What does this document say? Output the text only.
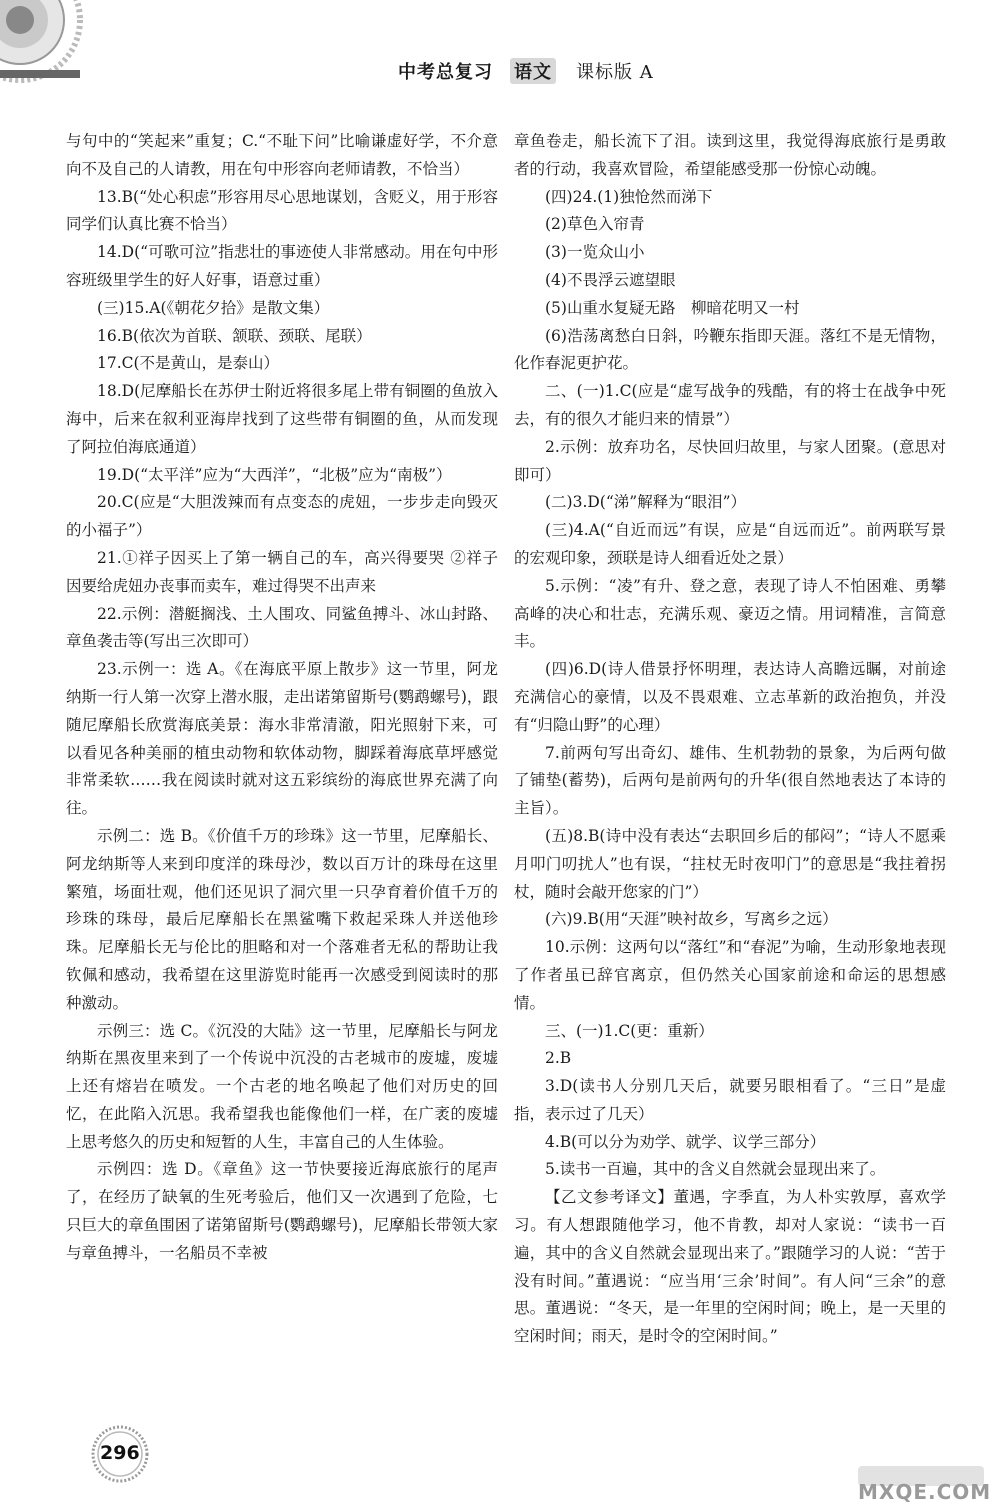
中考总复习 语文 课标版 A

与句中的“笑起来”重复；C.“不耻下问”比喻谦虚好学，不介意向不及自己的人请教，用在句中形容向老师请教，不恰当）

13.B(“处心积虑”形容用尽心思地谋划，含贬义，用于形容同学们认真比赛不恰当）

14.D(“可歌可泣”指悲壮的事迹使人非常感动。用在句中形容班级里学生的好人好事，语意过重）

(三)15.A(《朝花夕拾》是散文集）

16.B(依次为首联、颔联、颈联、尾联）

17.C(不是黄山，是泰山）

18.D(尼摩船长在苏伊士附近将很多尾上带有铜圈的鱼放入海中，后来在叙利亚海岸找到了这些带有铜圈的鱼，从而发现了阿拉伯海底通道）

19.D(“太平洋”应为“大西洋”，“北极”应为“南极”）

20.C(应是“大胆泼辣而有点变态的虎妞，一步步走向毁灭的小福子”）

21.①祥子因买上了第一辆自己的车，高兴得要哭 ②祥子因要给虎妞办丧事而卖车，难过得哭不出声来

22.示例：潜艇搁浅、土人围攻、同鲨鱼搏斗、冰山封路、章鱼袭击等(写出三次即可）

23.示例一：选 A。《在海底平原上散步》这一节里，阿龙纳斯一行人第一次穿上潜水服，走出诺第留斯号(鹦鹉螺号)，跟随尼摩船长欣赏海底美景：海水非常清澈，阳光照射下来，可以看见各种美丽的植虫动物和软体动物，脚踩着海底草坪感觉非常柔软……我在阅读时就对这五彩缤纷的海底世界充满了向往。

示例二：选 B。《价值千万的珍珠》这一节里，尼摩船长、阿龙纳斯等人来到印度洋的珠母沙，数以百万计的珠母在这里繁殖，场面壮观，他们还见识了洞穴里一只孕育着价值千万的珍珠的珠母，最后尼摩船长在黑鲨嘴下救起采珠人并送他珍珠。尼摩船长无与伦比的胆略和对一个落难者无私的帮助让我钦佩和感动，我希望在这里游览时能再一次感受到阅读时的那种激动。

示例三：选 C。《沉没的大陆》这一节里，尼摩船长与阿龙纳斯在黑夜里来到了一个传说中沉没的古老城市的废墟，废墟上还有熔岩在喷发。一个古老的地名唤起了他们对历史的回忆，在此陷入沉思。我希望我也能像他们一样，在广袤的废墟上思考悠久的历史和短暂的人生，丰富自己的人生体验。

示例四：选 D。《章鱼》这一节快要接近海底旅行的尾声了，在经历了缺氧的生死考验后，他们又一次遇到了危险，七只巨大的章鱼围困了诺第留斯号(鹦鹉螺号)，尼摩船长带领大家与章鱼搏斗，一名船员不幸被

章鱼卷走，船长流下了泪。读到这里，我觉得海底旅行是勇敢者的行动，我喜欢冒险，希望能感受那一份惊心动魄。

(四)24.(1)独怆然而涕下

(2)草色入帘青

(3)一览众山小

(4)不畏浮云遮望眼

(5)山重水复疑无路　柳暗花明又一村

(6)浩荡离愁白日斜，吟鞭东指即天涯。落红不是无情物，化作春泥更护花。

二、(一)1.C(应是“虚写战争的残酷，有的将士在战争中死去，有的很久才能归来的情景”）

2.示例：放弃功名，尽快回归故里，与家人团聚。(意思对即可）

(二)3.D(“涕”解释为“眼泪”）

(三)4.A(“自近而远”有误，应是“自远而近”。前两联写景的宏观印象，颈联是诗人细看近处之景）

5.示例：“凌”有升、登之意，表现了诗人不怕困难、勇攀高峰的决心和壮志，充满乐观、豪迈之情。用词精准，言简意丰。

(四)6.D(诗人借景抒怀明理，表达诗人高瞻远瞩，对前途充满信心的豪情，以及不畏艰难、立志革新的政治抱负，并没有“归隐山野”的心理）

7.前两句写出奇幻、雄伟、生机勃勃的景象，为后两句做了铺垫(蓄势)，后两句是前两句的升华(很自然地表达了本诗的主旨）。

(五)8.B(诗中没有表达“去职回乡后的郁闷”；“诗人不愿乘月叩门叨扰人”也有误，“拄杖无时夜叩门”的意思是“我拄着拐杖，随时会敲开您家的门”）

(六)9.B(用“天涯”映衬故乡，写离乡之远）

10.示例：这两句以“落红”和“春泥”为喻，生动形象地表现了作者虽已辞官离京，但仍然关心国家前途和命运的思想感情。

三、(一)1.C(更：重新）

2.B

3.D(读书人分别几天后，就要另眼相看了。“三日”是虚指，表示过了几天）

4.B(可以分为劝学、就学、议学三部分）

5.读书一百遍，其中的含义自然就会显现出来了。

【乙文参考译文】董遇，字季直，为人朴实敦厚，喜欢学习。有人想跟随他学习，他不肯教，却对人家说：“读书一百遍，其中的含义自然就会显现出来了。”跟随学习的人说：“苦于没有时间。”董遇说：“应当用‘三余’时间”。有人问“三余”的意思。董遇说：“冬天，是一年里的空闲时间；晚上，是一天里的空闲时间；雨天，是时令的空闲时间。”

296
MXQE.COM
